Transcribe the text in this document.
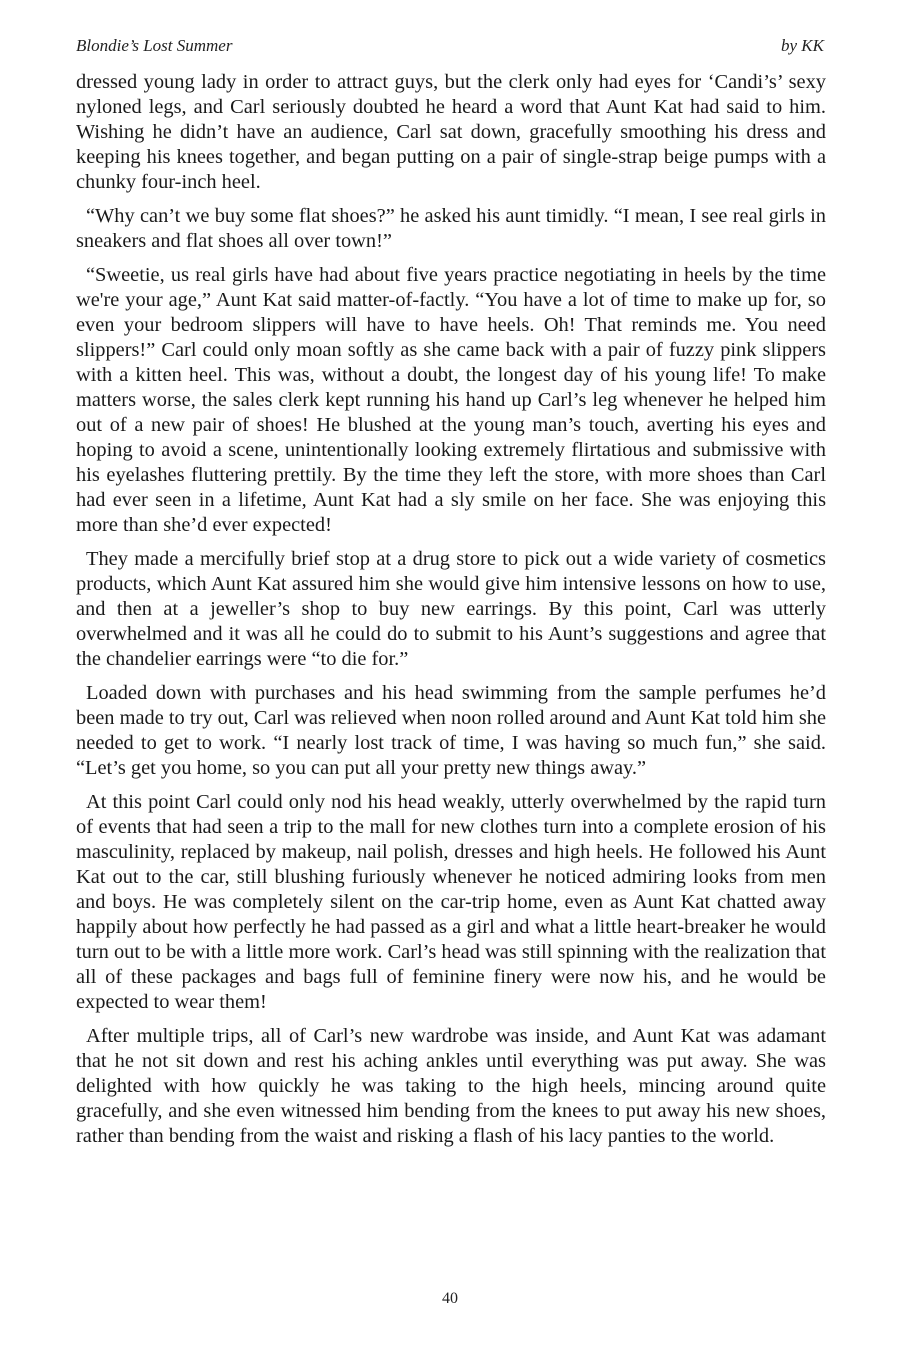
Blondie’s Lost Summer	by KK

dressed young lady in order to attract guys, but the clerk only had eyes for ‘Candi’s’ sexy nyloned legs, and Carl seriously doubted he heard a word that Aunt Kat had said to him. Wishing he didn’t have an audience, Carl sat down, gracefully smoothing his dress and keeping his knees together, and began putting on a pair of single-strap beige pumps with a chunky four-inch heel.

“Why can’t we buy some flat shoes?” he asked his aunt timidly. “I mean, I see real girls in sneakers and flat shoes all over town!”

“Sweetie, us real girls have had about five years practice negotiating in heels by the time we're your age,” Aunt Kat said matter-of-factly. “You have a lot of time to make up for, so even your bedroom slippers will have to have heels. Oh! That reminds me. You need slippers!” Carl could only moan softly as she came back with a pair of fuzzy pink slippers with a kitten heel. This was, without a doubt, the longest day of his young life! To make matters worse, the sales clerk kept running his hand up Carl’s leg whenever he helped him out of a new pair of shoes! He blushed at the young man’s touch, averting his eyes and hoping to avoid a scene, unintentionally looking extremely flirtatious and submissive with his eyelashes fluttering prettily. By the time they left the store, with more shoes than Carl had ever seen in a lifetime, Aunt Kat had a sly smile on her face. She was enjoying this more than she’d ever expected!

They made a mercifully brief stop at a drug store to pick out a wide variety of cosmetics products, which Aunt Kat assured him she would give him intensive lessons on how to use, and then at a jeweller’s shop to buy new earrings. By this point, Carl was utterly overwhelmed and it was all he could do to submit to his Aunt’s suggestions and agree that the chandelier earrings were “to die for.”

Loaded down with purchases and his head swimming from the sample perfumes he’d been made to try out, Carl was relieved when noon rolled around and Aunt Kat told him she needed to get to work. “I nearly lost track of time, I was having so much fun,” she said. “Let’s get you home, so you can put all your pretty new things away.”

At this point Carl could only nod his head weakly, utterly overwhelmed by the rapid turn of events that had seen a trip to the mall for new clothes turn into a complete erosion of his masculinity, replaced by makeup, nail polish, dresses and high heels. He followed his Aunt Kat out to the car, still blushing furiously whenever he noticed admiring looks from men and boys. He was completely silent on the car-trip home, even as Aunt Kat chatted away happily about how perfectly he had passed as a girl and what a little heart-breaker he would turn out to be with a little more work. Carl’s head was still spinning with the realization that all of these packages and bags full of feminine finery were now his, and he would be expected to wear them!

After multiple trips, all of Carl’s new wardrobe was inside, and Aunt Kat was adamant that he not sit down and rest his aching ankles until everything was put away. She was delighted with how quickly he was taking to the high heels, mincing around quite gracefully, and she even witnessed him bending from the knees to put away his new shoes, rather than bending from the waist and risking a flash of his lacy panties to the world.

40
